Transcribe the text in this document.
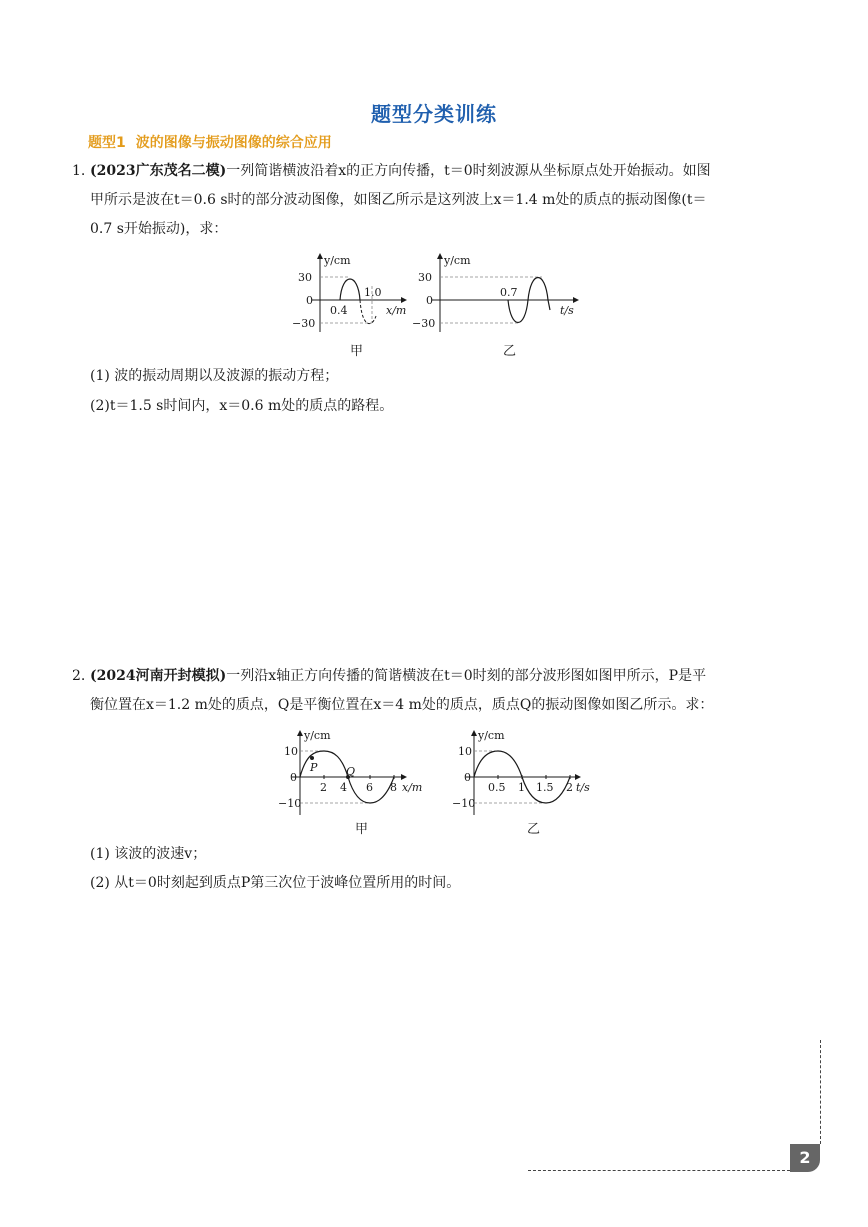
题型分类训练
题型1 波的图像与振动图像的综合应用
1. (2023广东茂名二模)一列简谐横波沿着x的正方向传播，t＝0时刻波源从坐标原点处开始振动。如图
甲所示是波在t＝0.6 s时的部分波动图像，如图乙所示是这列波上x＝1.4 m处的质点的振动图像(t＝
0.7 s开始振动)，求：
y/cm
30
0
−30
0.4
1.0
x/m
甲
y/cm
30
0
−30
0.7
t/s
乙
(1) 波的振动周期以及波源的振动方程；
(2)t＝1.5 s时间内，x＝0.6 m处的质点的路程。
2. (2024河南开封模拟)一列沿x轴正方向传播的简谐横波在t＝0时刻的部分波形图如图甲所示，P是平
衡位置在x＝1.2 m处的质点，Q是平衡位置在x＝4 m处的质点，质点Q的振动图像如图乙所示。求：
y/cm
10
0
−10
P	Q
2 4 6 8 x/m
甲
y/cm
10
0
−10
0.5 1 1.5 2 t/s
乙
(1) 该波的波速v；
(2) 从t＝0时刻起到质点P第三次位于波峰位置所用的时间。
2
